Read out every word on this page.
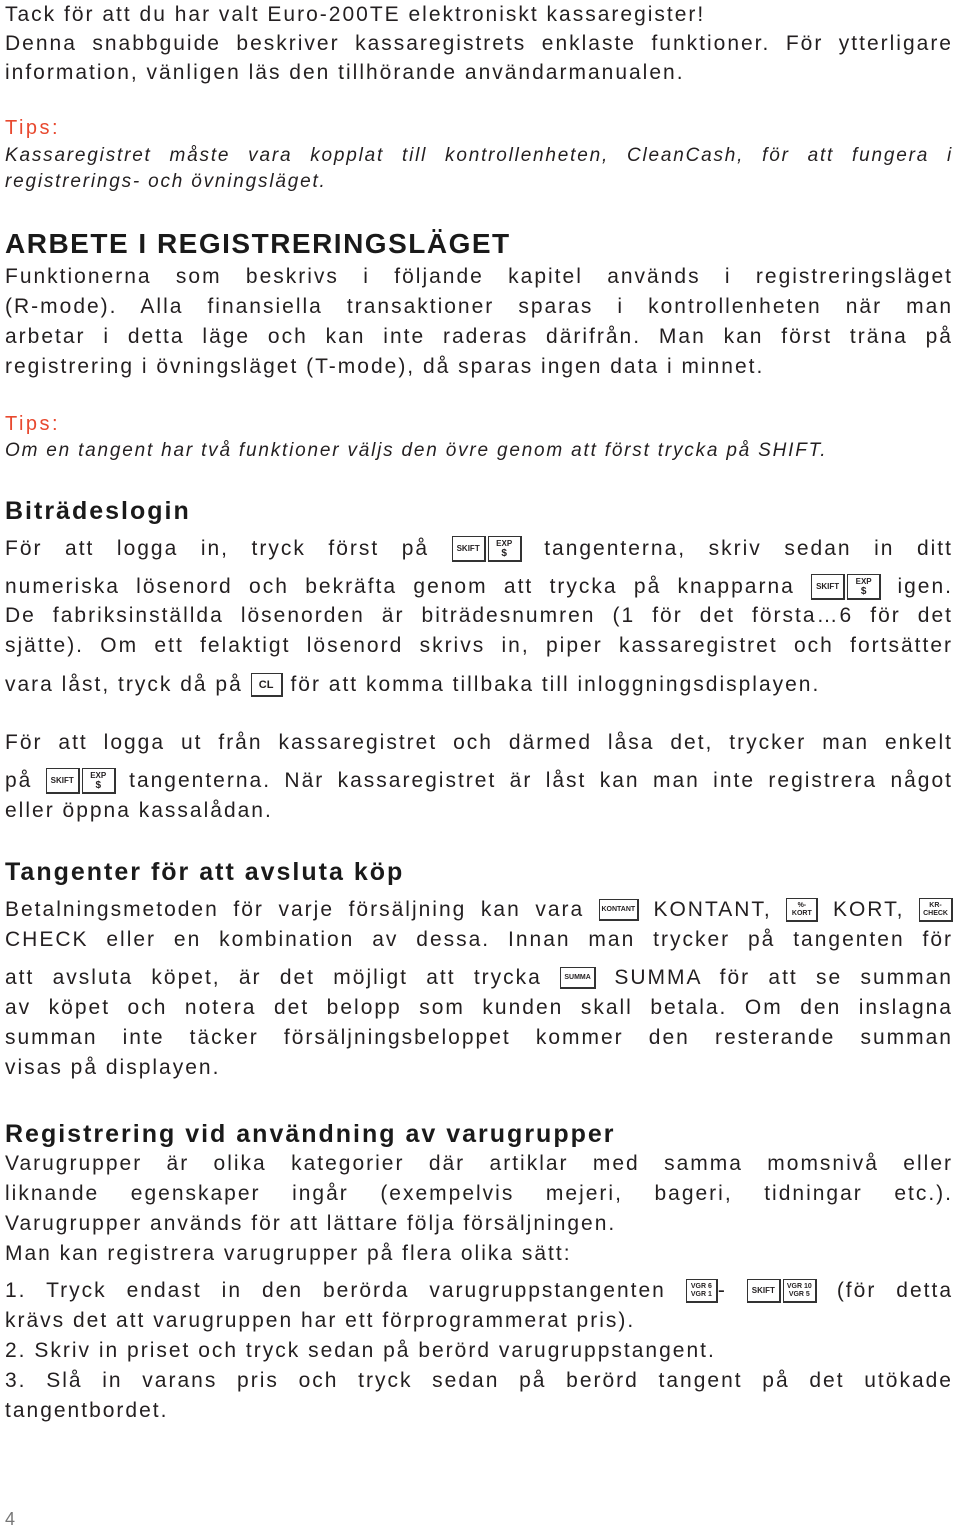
Tack för att du har valt Euro-200TE elektroniskt kassaregister!
Denna snabbguide beskriver kassaregistrets enklaste funktioner. För ytterligare
information, vänligen läs den tillhörande användarmanualen.
Tips:
Kassaregistret måste vara kopplat till kontrollenheten, CleanCash, för att fungera i
registrerings- och övningsläget.
ARBETE I REGISTRERINGSLÄGET
Funktionerna som beskrivs i följande kapitel används i registreringsläget
(R-mode). Alla finansiella transaktioner sparas i kontrollenheten när man
arbetar i detta läge och kan inte raderas därifrån. Man kan först träna på
registrering i övningsläget (T-mode), då sparas ingen data i minnet.
Tips:
Om en tangent har två funktioner väljs den övre genom att först trycka på SHIFT.
Biträdeslogin
För att logga in, tryck först på	SKIFT
EXP
$ tangenterna, skriv sedan in ditt
numeriska lösenord och bekräfta genom att trycka på knapparna	SKIFT
EXP
$ igen.
De fabriksinställda lösenorden är biträdesnumren (1 för det första…6 för det
sjätte). Om ett felaktigt lösenord skrivs in, piper kassaregistret och fortsätter
vara låst, tryck då på CL för att komma tillbaka till inloggningsdisplayen.
För att logga ut från kassaregistret och därmed låsa det, trycker man enkelt
på SKIFT
EXP
$ tangenterna. När kassaregistret är låst kan man inte registrera något
eller öppna kassalådan.
Tangenter för att avsluta köp
Betalningsmetoden för varje försäljning kan vara KONTANT KONTANT,	%-
KORT KORT,	KR-
CHECK
CHECK eller en kombination av dessa. Innan man trycker på tangenten för
att avsluta köpet, är det möjligt att trycka	SUMMA SUMMA för att se summan
av köpet och notera det belopp som kunden skall betala. Om den inslagna
summan inte täcker försäljningsbeloppet kommer den resterande summan
visas på displayen.
Registrering vid användning av varugrupper
Varugrupper är olika kategorier där artiklar med samma momsnivå eller
liknande egenskaper ingår (exempelvis mejeri, bageri, tidningar etc.).
Varugrupper används för att lättare följa försäljningen.
Man kan registrera varugrupper på flera olika sätt:
1. Tryck endast in den berörda varugruppstangenten	VGR 6
VGR 1 -	SKIFT VGR 10
VGR 5 (för detta
krävs det att varugruppen har ett förprogrammerat pris).
2. Skriv in priset och tryck sedan på berörd varugruppstangent.
3. Slå in varans pris och tryck sedan på berörd tangent på det utökade
tangentbordet.
4
